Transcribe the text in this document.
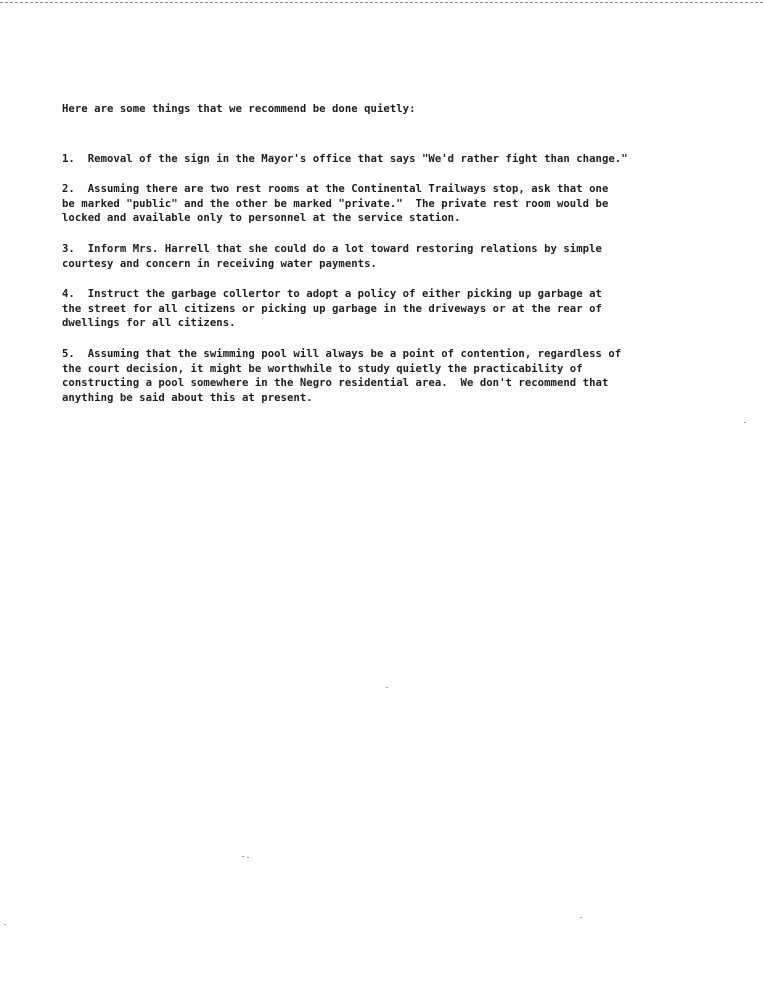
Here are some things that we recommend be done quietly:
1.  Removal of the sign in the Mayor's office that says "We'd rather fight than change."
2.  Assuming there are two rest rooms at the Continental Trailways stop, ask that one
be marked "public" and the other be marked "private."  The private rest room would be
locked and available only to personnel at the service station.
3.  Inform Mrs. Harrell that she could do a lot toward restoring relations by simple
courtesy and concern in receiving water payments.
4.  Instruct the garbage collertor to adopt a policy of either picking up garbage at
the street for all citizens or picking up garbage in the driveways or at the rear of
dwellings for all citizens.
5.  Assuming that the swimming pool will always be a point of contention, regardless of
the court decision, it might be worthwhile to study quietly the practicability of
constructing a pool somewhere in the Negro residential area.  We don't recommend that
anything be said about this at present.
